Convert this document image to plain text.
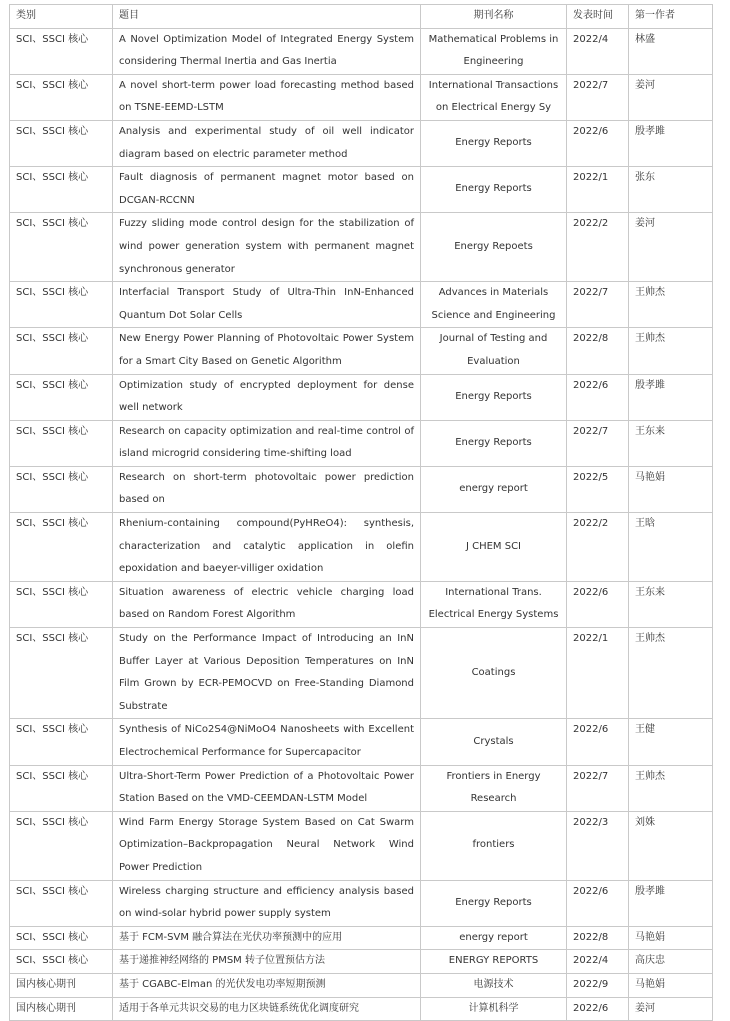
类别	题目	期刊名称	发表时间	第一作者
SCI、SSCI 核心	A Novel Optimization Model of Integrated Energy System considering Thermal Inertia and Gas Inertia	Mathematical Problems in Engineering	2022/4	林盛
SCI、SSCI 核心	A novel short-term power load forecasting method based on TSNE-EEMD-LSTM	International Transactions on Electrical Energy Sy	2022/7	姜河
SCI、SSCI 核心	Analysis and experimental study of oil well indicator diagram based on electric parameter method	Energy Reports	2022/6	殷孝雎
SCI、SSCI 核心	Fault diagnosis of permanent magnet motor based on DCGAN-RCCNN	Energy Reports	2022/1	张东
SCI、SSCI 核心	Fuzzy sliding mode control design for the stabilization of wind power generation system with permanent magnet synchronous generator	Energy Repoets	2022/2	姜河
SCI、SSCI 核心	Interfacial Transport Study of Ultra-Thin InN-Enhanced Quantum Dot Solar Cells	Advances in Materials Science and Engineering	2022/7	王帅杰
SCI、SSCI 核心	New Energy Power Planning of Photovoltaic Power System for a Smart City Based on Genetic Algorithm	Journal of Testing and Evaluation	2022/8	王帅杰
SCI、SSCI 核心	Optimization study of encrypted deployment for dense well network	Energy Reports	2022/6	殷孝雎
SCI、SSCI 核心	Research on capacity optimization and real-time control of island microgrid considering time-shifting load	Energy Reports	2022/7	王东来
SCI、SSCI 核心	Research on short-term photovoltaic power prediction based on	energy report	2022/5	马艳娟
SCI、SSCI 核心	Rhenium-containing compound(PyHReO4): synthesis, characterization and catalytic application in olefin epoxidation and baeyer-villiger oxidation	J CHEM SCI	2022/2	王晗
SCI、SSCI 核心	Situation awareness of electric vehicle charging load based on Random Forest Algorithm	International Trans. Electrical Energy Systems	2022/6	王东来
SCI、SSCI 核心	Study on the Performance Impact of Introducing an InN Buffer Layer at Various Deposition Temperatures on InN Film Grown by ECR-PEMOCVD on Free-Standing Diamond Substrate	Coatings	2022/1	王帅杰
SCI、SSCI 核心	Synthesis of NiCo2S4@NiMoO4 Nanosheets with Excellent Electrochemical Performance for Supercapacitor	Crystals	2022/6	王健
SCI、SSCI 核心	Ultra-Short-Term Power Prediction of a Photovoltaic Power Station Based on the VMD-CEEMDAN-LSTM Model	Frontiers in Energy Research	2022/7	王帅杰
SCI、SSCI 核心	Wind Farm Energy Storage System Based on Cat Swarm Optimization–Backpropagation Neural Network Wind Power Prediction	frontiers	2022/3	刘姝
SCI、SSCI 核心	Wireless charging structure and efficiency analysis based on wind-solar hybrid power supply system	Energy Reports	2022/6	殷孝雎
SCI、SSCI 核心	基于 FCM-SVM 融合算法在光伏功率预测中的应用	energy report	2022/8	马艳娟
SCI、SSCI 核心	基于递推神经网络的 PMSM 转子位置预估方法	ENERGY REPORTS	2022/4	高庆忠
国内核心期刊	基于 CGABC-Elman 的光伏发电功率短期预测	电源技术	2022/9	马艳娟
国内核心期刊	适用于各单元共识交易的电力区块链系统优化调度研究	计算机科学	2022/6	姜河
